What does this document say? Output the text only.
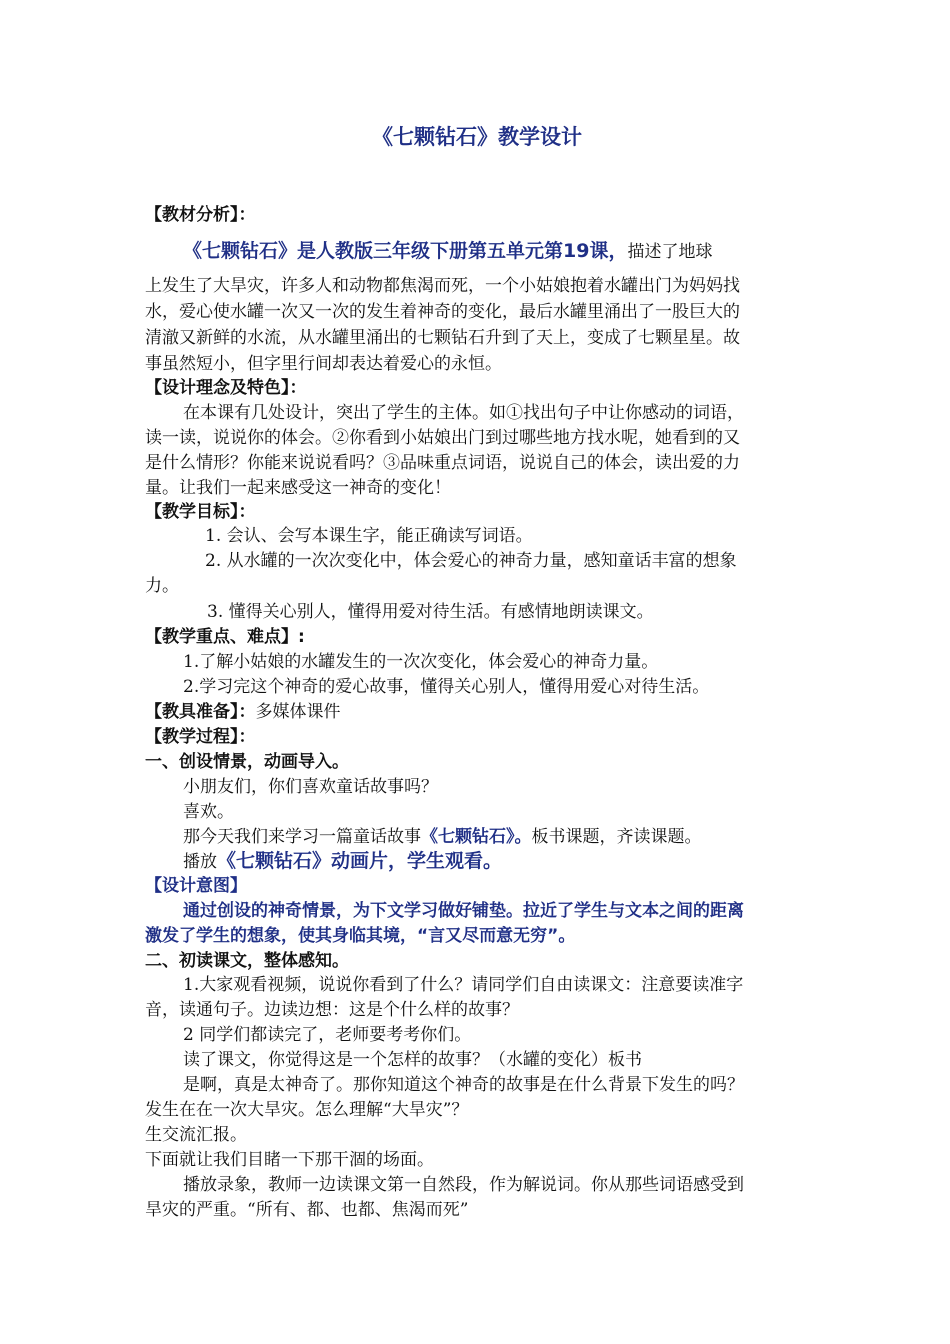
《七颗钻石》教学设计
【教材分析】：
《七颗钻石》是人教版三年级下册第五单元第19课，描述了地球
上发生了大旱灾，许多人和动物都焦渴而死，一个小姑娘抱着水罐出门为妈妈找
水，爱心使水罐一次又一次的发生着神奇的变化，最后水罐里涌出了一股巨大的
清澈又新鲜的水流，从水罐里涌出的七颗钻石升到了天上，变成了七颗星星。故
事虽然短小，但字里行间却表达着爱心的永恒。
【设计理念及特色】：
在本课有几处设计，突出了学生的主体。如①找出句子中让你感动的词语，
读一读，说说你的体会。②你看到小姑娘出门到过哪些地方找水呢，她看到的又
是什么情形？你能来说说看吗？③品味重点词语，说说自己的体会，读出爱的力
量。让我们一起来感受这一神奇的变化！
【教学目标】：
1. 会认、会写本课生字，能正确读写词语。
2. 从水罐的一次次变化中，体会爱心的神奇力量，感知童话丰富的想象
力。
3. 懂得关心别人，懂得用爱对待生活。有感情地朗读课文。
【教学重点、难点】:
1.了解小姑娘的水罐发生的一次次变化，体会爱心的神奇力量。
2.学习完这个神奇的爱心故事，懂得关心别人，懂得用爱心对待生活。
【教具准备】：多媒体课件
【教学过程】：
一、创设情景，动画导入。
小朋友们，你们喜欢童话故事吗？
喜欢。
那今天我们来学习一篇童话故事《七颗钻石》。板书课题，齐读课题。
播放《七颗钻石》动画片，学生观看。
【设计意图】
通过创设的神奇情景，为下文学习做好铺垫。拉近了学生与文本之间的距离
激发了学生的想象，使其身临其境，“言又尽而意无穷”。
二、初读课文，整体感知。
1.大家观看视频，说说你看到了什么？请同学们自由读课文：注意要读准字
音，读通句子。边读边想：这是个什么样的故事？
2 同学们都读完了，老师要考考你们。
读了课文，你觉得这是一个怎样的故事？（水罐的变化）板书
是啊，真是太神奇了。那你知道这个神奇的故事是在什么背景下发生的吗？
发生在在一次大旱灾。怎么理解“大旱灾”？
生交流汇报。
下面就让我们目睹一下那干涸的场面。
播放录象，教师一边读课文第一自然段，作为解说词。你从那些词语感受到
旱灾的严重。“所有、都、也都、焦渴而死”
